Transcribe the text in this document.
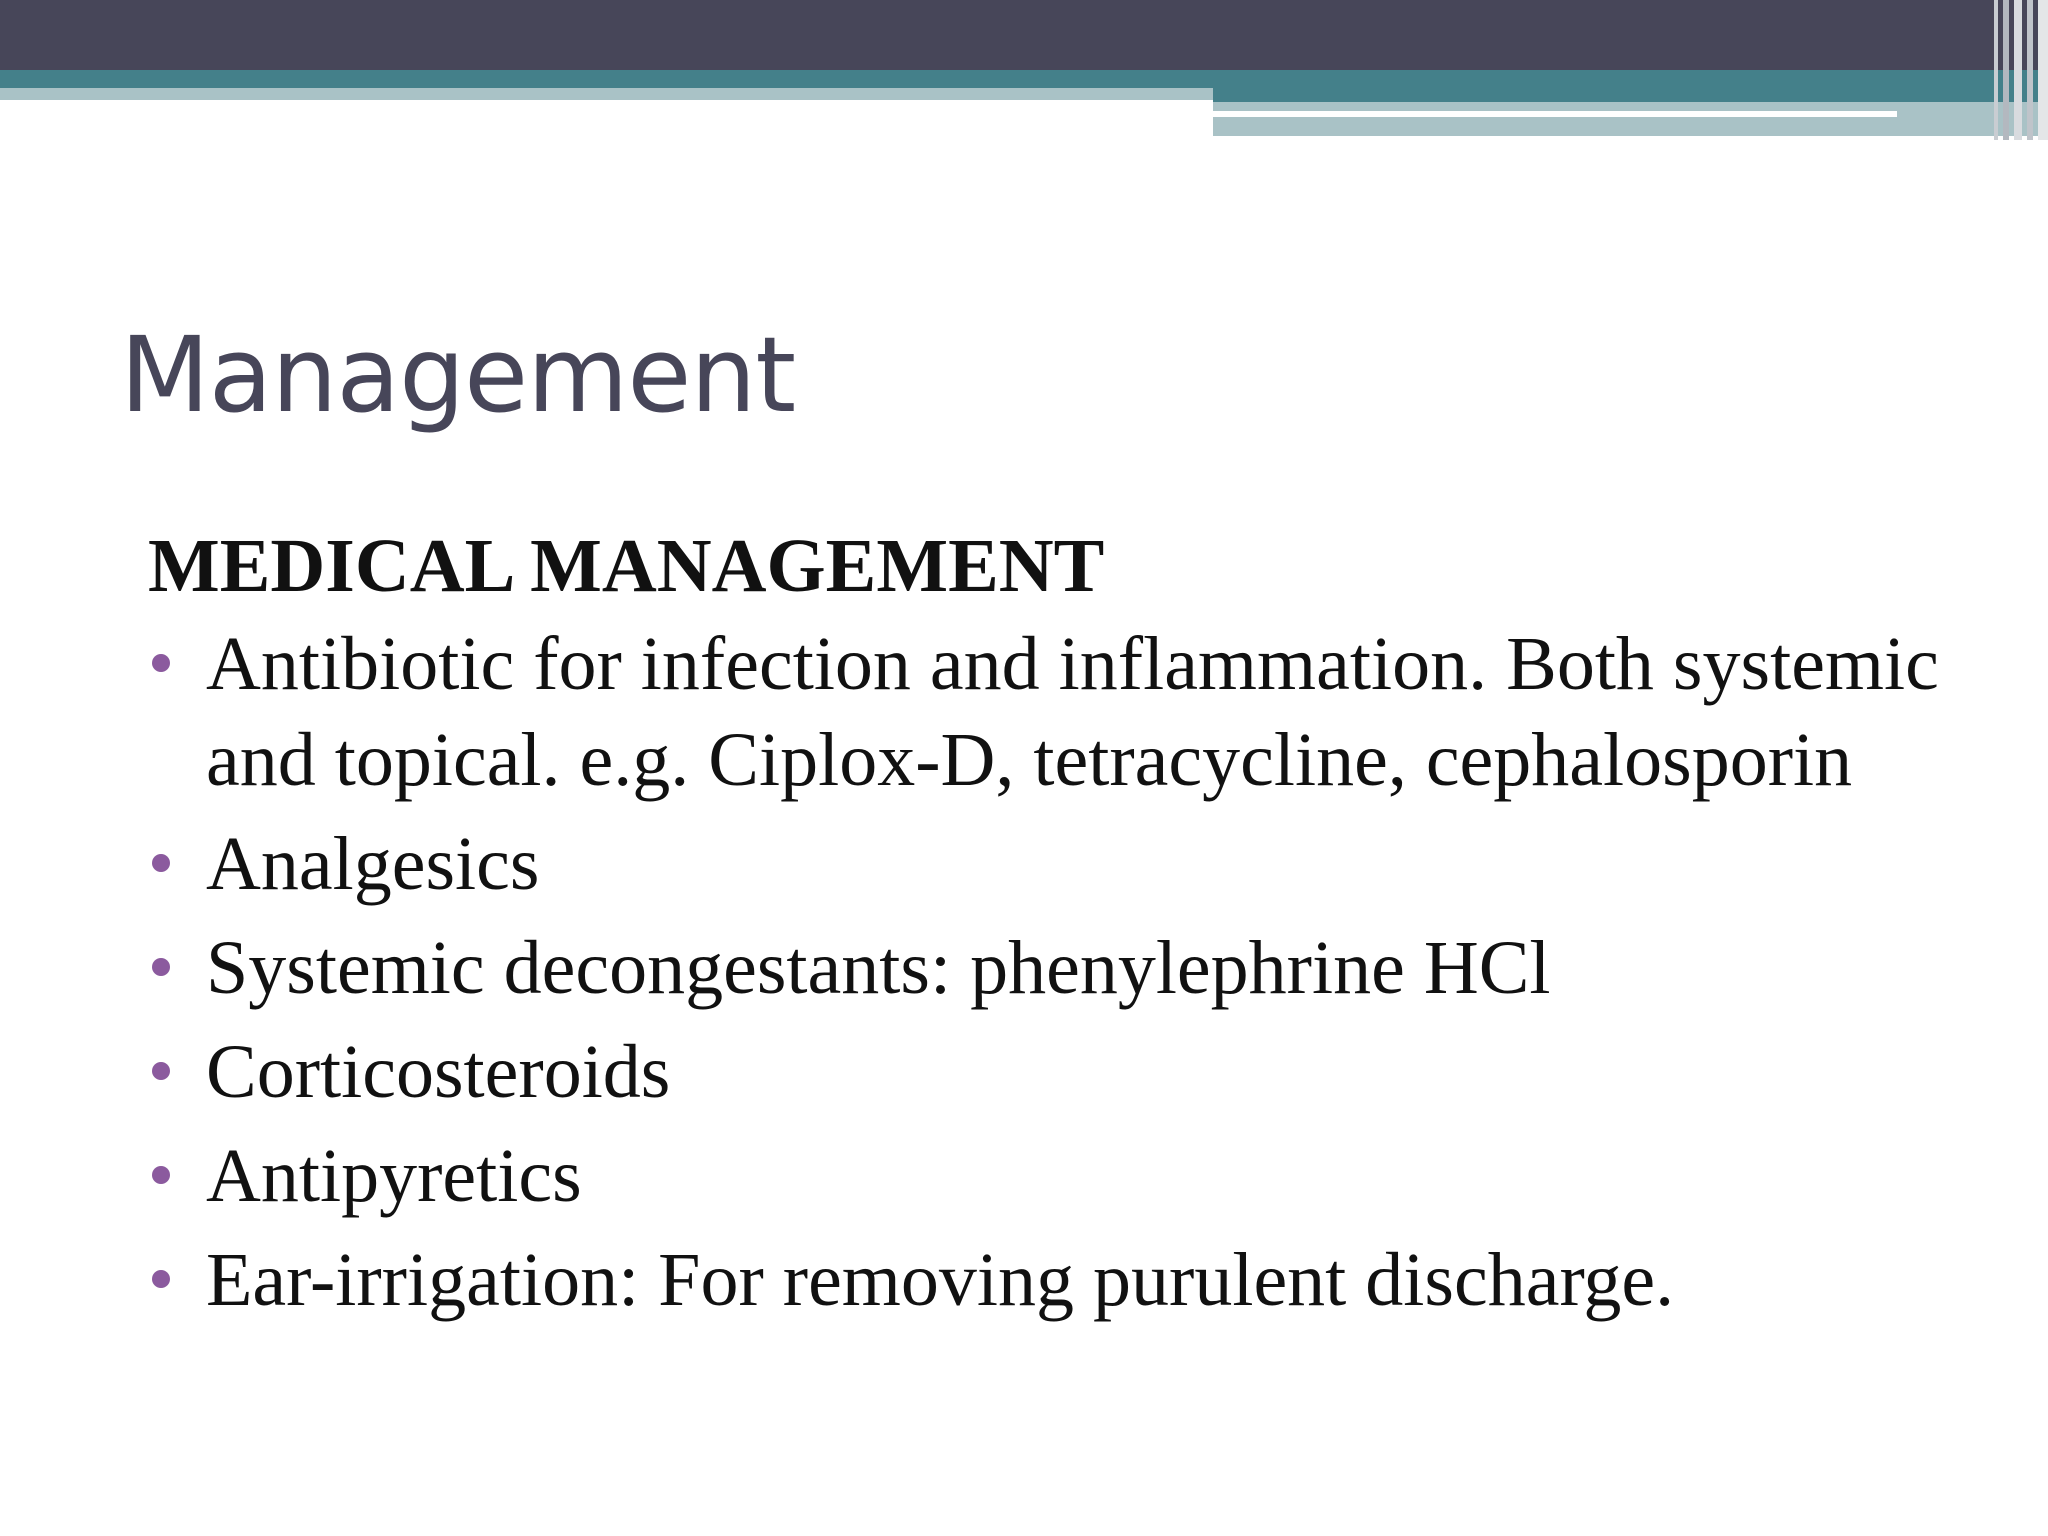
Management

MEDICAL MANAGEMENT

Antibiotic for infection and inflammation. Both systemic and topical. e.g. Ciplox-D, tetracycline, cephalosporin
Analgesics
Systemic decongestants: phenylephrine HCl
Corticosteroids
Antipyretics
Ear-irrigation: For removing purulent discharge.
